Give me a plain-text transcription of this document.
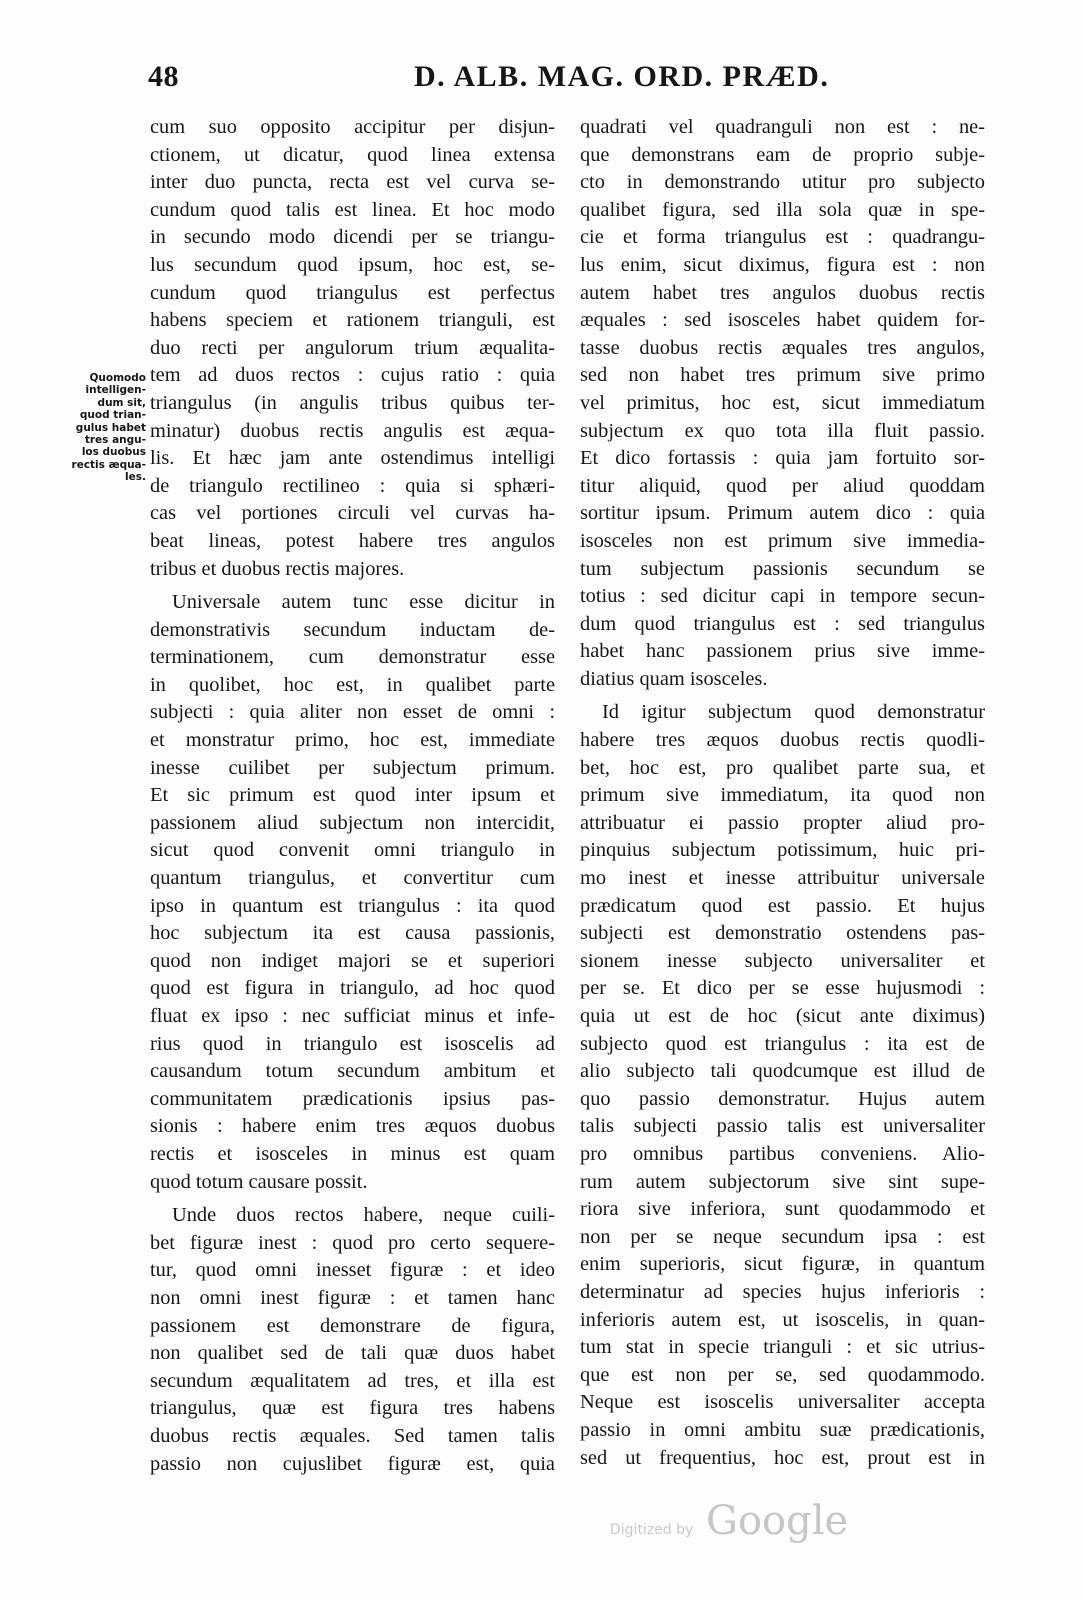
48	D. ALB. MAG. ORD. PRÆD.
Quomodo
intelligen-
dum sit,
quod trian-
gulus habet
tres angu-
los duobus
rectis æqua-
les.
cum suo opposito accipitur per disjun-
ctionem, ut dicatur, quod linea extensa
inter duo puncta, recta est vel curva se-
cundum quod talis est linea. Et hoc modo
in secundo modo dicendi per se triangu-
lus secundum quod ipsum, hoc est, se-
cundum quod triangulus est perfectus
habens speciem et rationem trianguli, est
duo recti per angulorum trium æqualita-
tem ad duos rectos : cujus ratio : quia
triangulus (in angulis tribus quibus ter-
minatur) duobus rectis angulis est æqua-
lis. Et hæc jam ante ostendimus intelligi
de triangulo rectilineo : quia si sphæri-
cas vel portiones circuli vel curvas ha-
beat lineas, potest habere tres angulos
tribus et duobus rectis majores.
Universale autem tunc esse dicitur in
demonstrativis secundum inductam de-
terminationem, cum demonstratur esse
in quolibet, hoc est, in qualibet parte
subjecti : quia aliter non esset de omni :
et monstratur primo, hoc est, immediate
inesse cuilibet per subjectum primum.
Et sic primum est quod inter ipsum et
passionem aliud subjectum non intercidit,
sicut quod convenit omni triangulo in
quantum triangulus, et convertitur cum
ipso in quantum est triangulus : ita quod
hoc subjectum ita est causa passionis,
quod non indiget majori se et superiori
quod est figura in triangulo, ad hoc quod
fluat ex ipso : nec sufficiat minus et infe-
rius quod in triangulo est isoscelis ad
causandum totum secundum ambitum et
communitatem prædicationis ipsius pas-
sionis : habere enim tres æquos duobus
rectis et isosceles in minus est quam
quod totum causare possit.
Unde duos rectos habere, neque cuili-
bet figuræ inest : quod pro certo sequere-
tur, quod omni inesset figuræ : et ideo
non omni inest figuræ : et tamen hanc
passionem est demonstrare de figura,
non qualibet sed de tali quæ duos habet
secundum æqualitatem ad tres, et illa est
triangulus, quæ est figura tres habens
duobus rectis æquales. Sed tamen talis
passio non cujuslibet figuræ est, quia
quadrati vel quadranguli non est : ne-
que demonstrans eam de proprio subje-
cto in demonstrando utitur pro subjecto
qualibet figura, sed illa sola quæ in spe-
cie et forma triangulus est : quadrangu-
lus enim, sicut diximus, figura est : non
autem habet tres angulos duobus rectis
æquales : sed isosceles habet quidem for-
tasse duobus rectis æquales tres angulos,
sed non habet tres primum sive primo
vel primitus, hoc est, sicut immediatum
subjectum ex quo tota illa fluit passio.
Et dico fortassis : quia jam fortuito sor-
titur aliquid, quod per aliud quoddam
sortitur ipsum. Primum autem dico : quia
isosceles non est primum sive immedia-
tum subjectum passionis secundum se
totius : sed dicitur capi in tempore secun-
dum quod triangulus est : sed triangulus
habet hanc passionem prius sive imme-
diatius quam isosceles.
Id igitur subjectum quod demonstratur
habere tres æquos duobus rectis quodli-
bet, hoc est, pro qualibet parte sua, et
primum sive immediatum, ita quod non
attribuatur ei passio propter aliud pro-
pinquius subjectum potissimum, huic pri-
mo inest et inesse attribuitur universale
prædicatum quod est passio. Et hujus
subjecti est demonstratio ostendens pas-
sionem inesse subjecto universaliter et
per se. Et dico per se esse hujusmodi :
quia ut est de hoc (sicut ante diximus)
subjecto quod est triangulus : ita est de
alio subjecto tali quodcumque est illud de
quo passio demonstratur. Hujus autem
talis subjecti passio talis est universaliter
pro omnibus partibus conveniens. Alio-
rum autem subjectorum sive sint supe-
riora sive inferiora, sunt quodammodo et
non per se neque secundum ipsa : est
enim superioris, sicut figuræ, in quantum
determinatur ad species hujus inferioris :
inferioris autem est, ut isoscelis, in quan-
tum stat in specie trianguli : et sic utrius-
que est non per se, sed quodammodo.
Neque est isoscelis universaliter accepta
passio in omni ambitu suæ prædicationis,
sed ut frequentius, hoc est, prout est in
Digitized by Google
